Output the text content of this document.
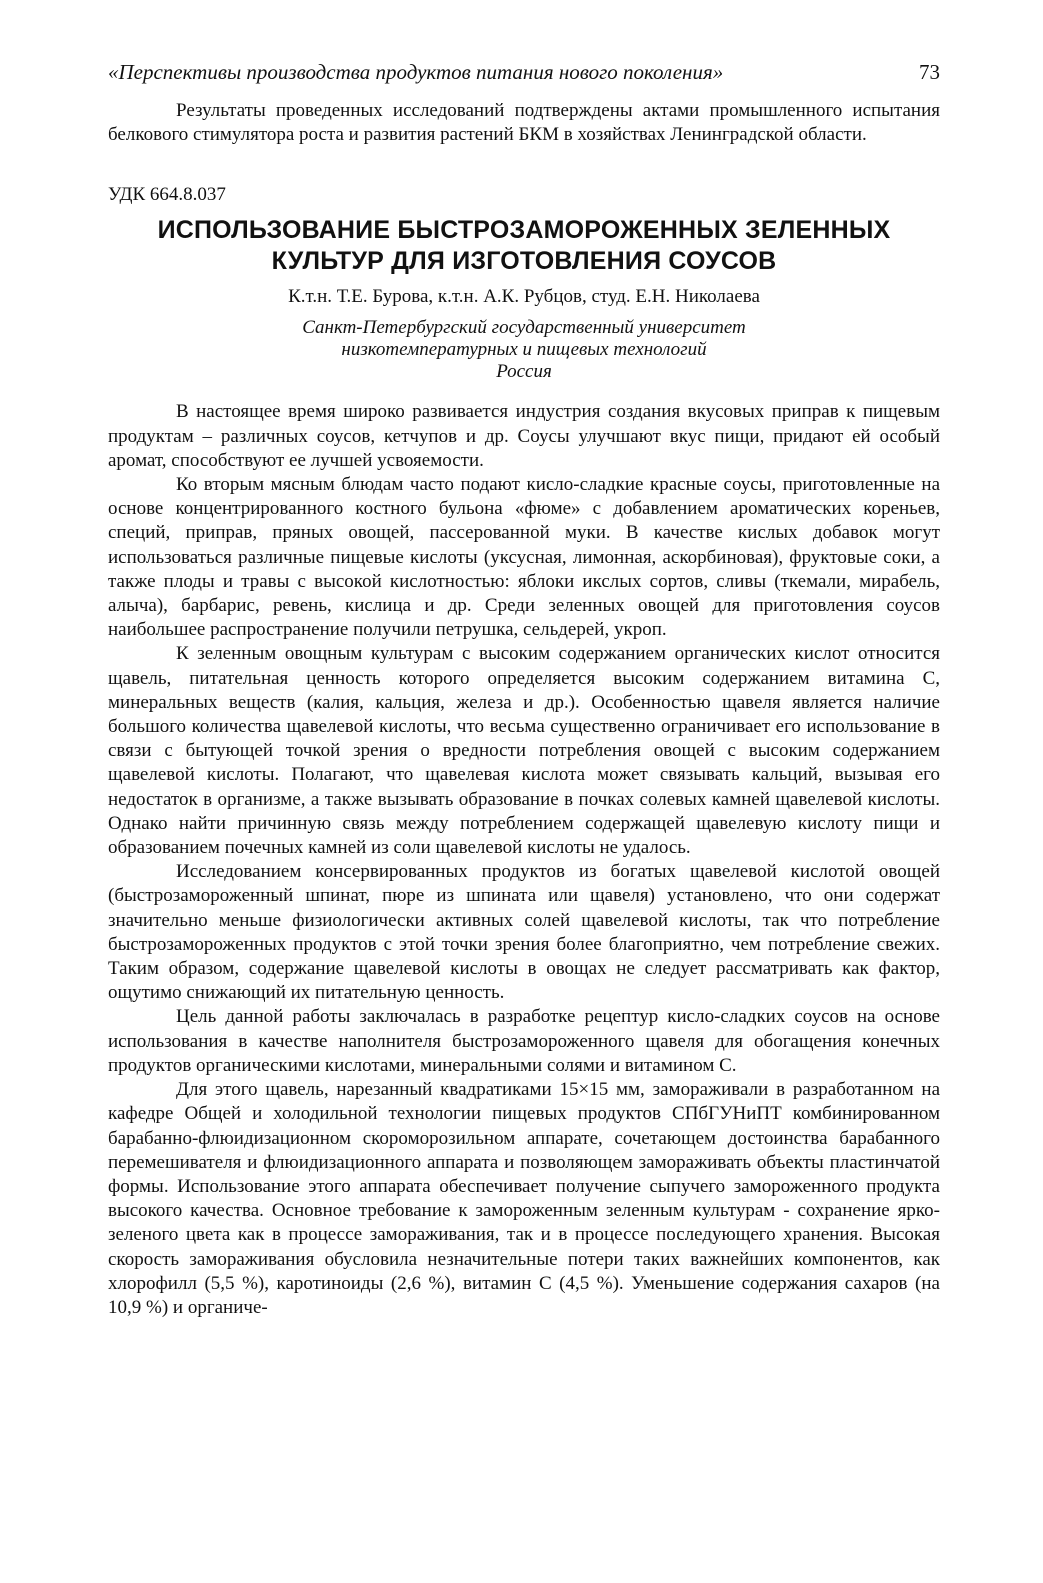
«Перспективы производства продуктов питания нового поколения»	73

Результаты проведенных исследований подтверждены актами промышленного испытания белкового стимулятора роста и развития растений БКМ в хозяйствах Ленинградской области.

УДК 664.8.037
ИСПОЛЬЗОВАНИЕ БЫСТРОЗАМОРОЖЕННЫХ ЗЕЛЕННЫХ
КУЛЬТУР ДЛЯ ИЗГОТОВЛЕНИЯ СОУСОВ
К.т.н. Т.Е. Бурова, к.т.н. А.К. Рубцов, студ. Е.Н. Николаева
Санкт-Петербургский государственный университет
низкотемпературных и пищевых технологий
Россия

В настоящее время широко развивается индустрия создания вкусовых приправ к пищевым продуктам – различных соусов, кетчупов и др. Соусы улучшают вкус пищи, придают ей особый аромат, способствуют ее лучшей усвояемости.

Ко вторым мясным блюдам часто подают кисло-сладкие красные соусы, приготовленные на основе концентрированного костного бульона «фюме» с добавлением ароматических кореньев, специй, приправ, пряных овощей, пассерованной муки. В качестве кислых добавок могут использоваться различные пищевые кислоты (уксусная, лимонная, аскорбиновая), фруктовые соки, а также плоды и травы с высокой кислотностью: яблоки икслых сортов, сливы (ткемали, мирабель, алыча), барбарис, ревень, кислица и др. Среди зеленных овощей для приготовления соусов наибольшее распространение получили петрушка, сельдерей, укроп.

К зеленным овощным культурам с высоким содержанием органических кислот относится щавель, питательная ценность которого определяется высоким содержанием витамина С, минеральных веществ (калия, кальция, железа и др.). Особенностью щавеля является наличие большого количества щавелевой кислоты, что весьма существенно ограничивает его использование в связи с бытующей точкой зрения о вредности потребления овощей с высоким содержанием щавелевой кислоты. Полагают, что щавелевая кислота может связывать кальций, вызывая его недостаток в организме, а также вызывать образование в почках солевых камней щавелевой кислоты. Однако найти причинную связь между потреблением содержащей щавелевую кислоту пищи и образованием почечных камней из соли щавелевой кислоты не удалось.

Исследованием консервированных продуктов из богатых щавелевой кислотой овощей (быстрозамороженный шпинат, пюре из шпината или щавеля) установлено, что они содержат значительно меньше физиологически активных солей щавелевой кислоты, так что потребление быстрозамороженных продуктов с этой точки зрения более благоприятно, чем потребление свежих. Таким образом, содержание щавелевой кислоты в овощах не следует рассматривать как фактор, ощутимо снижающий их питательную ценность.

Цель данной работы заключалась в разработке рецептур кисло-сладких соусов на основе использования в качестве наполнителя быстрозамороженного щавеля для обогащения конечных продуктов органическими кислотами, минеральными солями и витамином С.

Для этого щавель, нарезанный квадратиками 15×15 мм, замораживали в разработанном на кафедре Общей и холодильной технологии пищевых продуктов СПбГУНиПТ комбинированном барабанно-флюидизационном скороморозильном аппарате, сочетающем достоинства барабанного перемешивателя и флюидизационного аппарата и позволяющем замораживать объекты пластинчатой формы. Использование этого аппарата обеспечивает получение сыпучего замороженного продукта высокого качества. Основное требование к замороженным зеленным культурам - сохранение ярко-зеленого цвета как в процессе замораживания, так и в процессе последующего хранения. Высокая скорость замораживания обусловила незначительные потери таких важнейших компонентов, как хлорофилл (5,5 %), каротиноиды (2,6 %), витамин С (4,5 %). Уменьшение содержания сахаров (на 10,9 %) и органиче-
